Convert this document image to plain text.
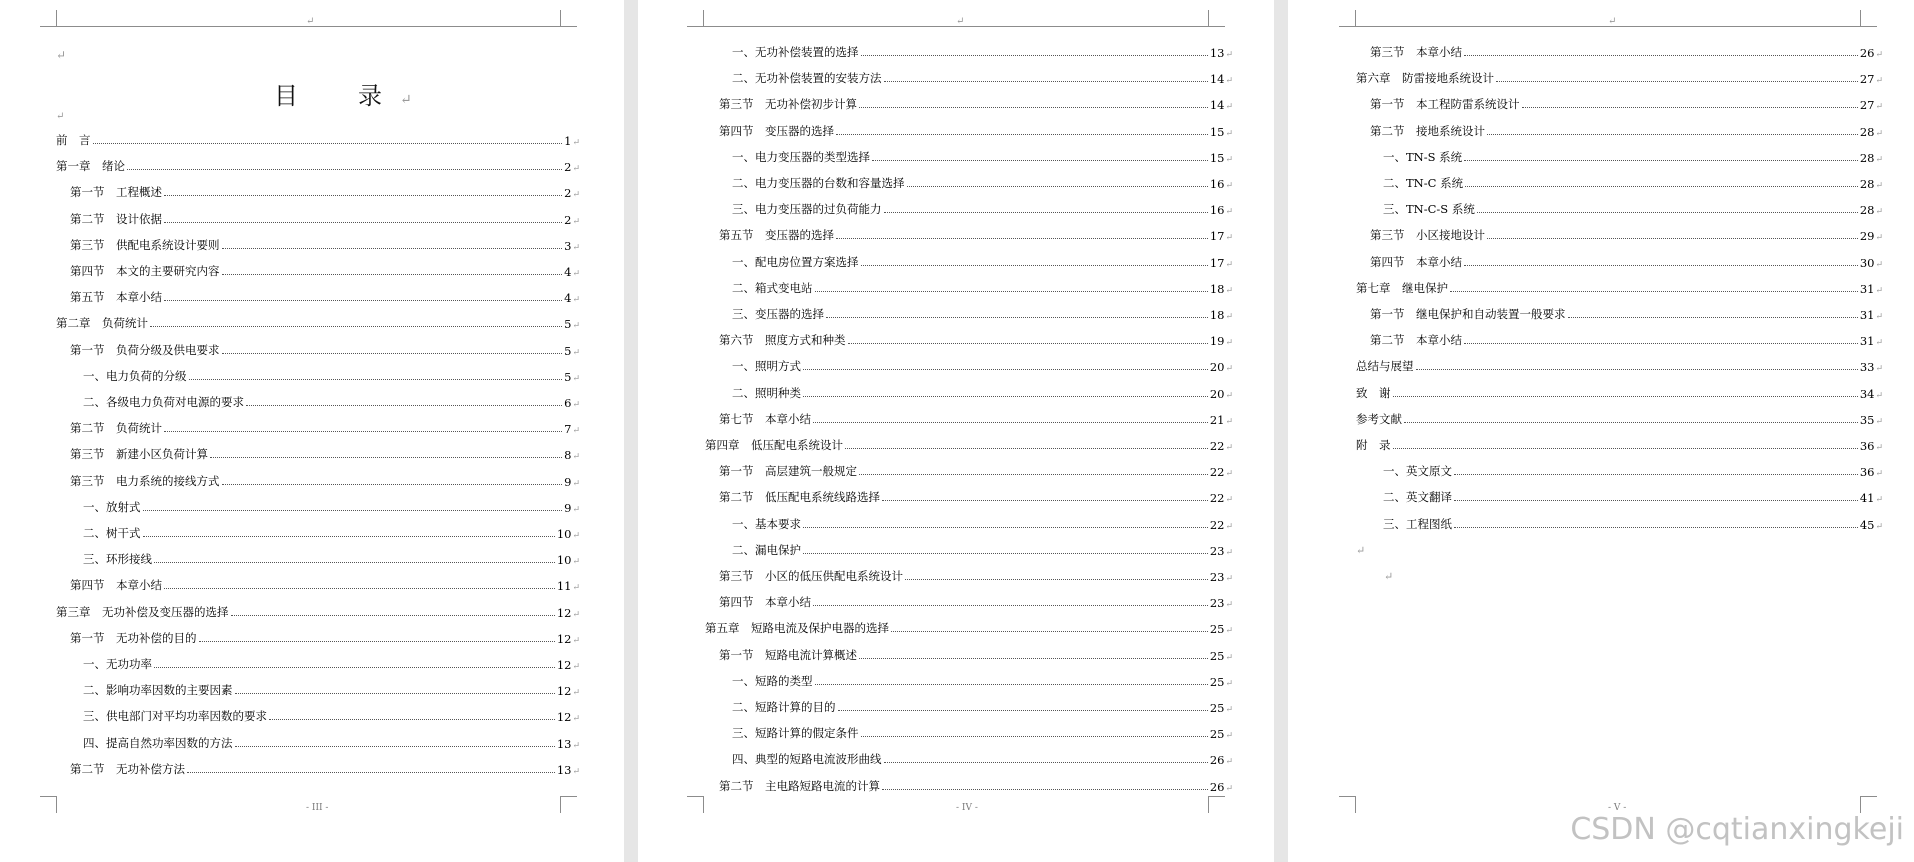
↵
↵
目　录↵
↵
前　言	1 ↵
第一章　绪论	2 ↵
第一节　工程概述	2 ↵
第二节　设计依据	2 ↵
第三节　供配电系统设计要则	3 ↵
第四节　本文的主要研究内容	4 ↵
第五节　本章小结	4 ↵
第二章　负荷统计	5 ↵
第一节　负荷分级及供电要求	5 ↵
一、电力负荷的分级	5 ↵
二、各级电力负荷对电源的要求	6 ↵
第二节　负荷统计	7 ↵
第三节　新建小区负荷计算	8 ↵
第三节　电力系统的接线方式	9 ↵
一、放射式	9 ↵
二、树干式	10 ↵
三、环形接线	10 ↵
第四节　本章小结	11 ↵
第三章　无功补偿及变压器的选择	12 ↵
第一节　无功补偿的目的	12 ↵
一、无功功率	12 ↵
二、影响功率因数的主要因素	12 ↵
三、供电部门对平均功率因数的要求	12 ↵
四、提高自然功率因数的方法	13 ↵
第二节　无功补偿方法	13 ↵
- III -
↵
一、无功补偿装置的选择	13 ↵
二、无功补偿装置的安装方法	14 ↵
第三节　无功补偿初步计算	14 ↵
第四节　变压器的选择	15 ↵
一、电力变压器的类型选择	15 ↵
二、电力变压器的台数和容量选择	16 ↵
三、电力变压器的过负荷能力	16 ↵
第五节　变压器的选择	17 ↵
一、配电房位置方案选择	17 ↵
二、箱式变电站	18 ↵
三、变压器的选择	18 ↵
第六节　照度方式和种类	19 ↵
一、照明方式	20 ↵
二、照明种类	20 ↵
第七节　本章小结	21 ↵
第四章　低压配电系统设计	22 ↵
第一节　高层建筑一般规定	22 ↵
第二节　低压配电系统线路选择	22 ↵
一、基本要求	22 ↵
二、漏电保护	23 ↵
第三节　小区的低压供配电系统设计	23 ↵
第四节　本章小结	23 ↵
第五章　短路电流及保护电器的选择	25 ↵
第一节　短路电流计算概述	25 ↵
一、短路的类型	25 ↵
二、短路计算的目的	25 ↵
三、短路计算的假定条件	25 ↵
四、典型的短路电流波形曲线	26 ↵
第二节　主电路短路电流的计算	26 ↵
- IV -
↵
第三节　本章小结	26 ↵
第六章　防雷接地系统设计	27 ↵
第一节　本工程防雷系统设计	27 ↵
第二节　接地系统设计	28 ↵
一、TN-S 系统	28 ↵
二、TN-C 系统	28 ↵
三、TN-C-S 系统	28 ↵
第三节　小区接地设计	29 ↵
第四节　本章小结	30 ↵
第七章　继电保护	31 ↵
第一节　继电保护和自动装置一般要求	31 ↵
第二节　本章小结	31 ↵
总结与展望	33 ↵
致　谢	34 ↵
参考文献	35 ↵
附　录	36 ↵
一、英文原文	36 ↵
二、英文翻译	41 ↵
三、工程图纸	45 ↵
↵
↵
- V -
CSDN @cqtianxingkeji
